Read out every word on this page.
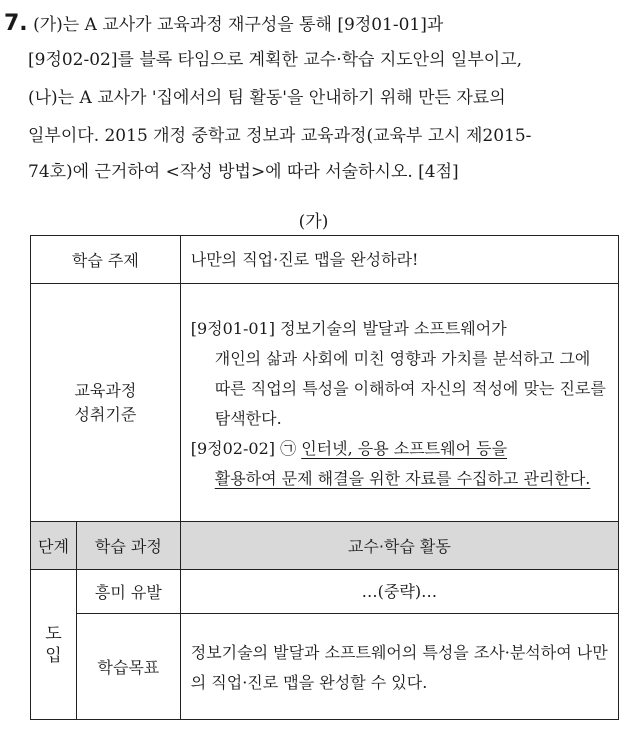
7. (가)는 A 교사가 교육과정 재구성을 통해 [9정01-01]과
[9정02-02]를 블록 타임으로 계획한 교수·학습 지도안의 일부이고,
(나)는 A 교사가 '집에서의 팀 활동'을 안내하기 위해 만든 자료의
일부이다. 2015 개정 중학교 정보과 교육과정(교육부 고시 제2015-
74호)에 근거하여 <작성 방법>에 따라 서술하시오. [4점]
(가)
학습 주제		나만의 직업·진로 맵을 완성하라!
교육과정
성취기준		[9정01-01] 정보기술의 발달과 소프트웨어가
개인의 삶과 사회에 미친 영향과 가치를 분석하고 그에 따른 직업의 특성을 이해하여 자신의 적성에 맞는 진로를 탐색한다.
[9정02-02] ㉠ 인터넷, 응용 소프트웨어 등을
활용하여 문제 해결을 위한 자료를 수집하고 관리한다.

단계	학습 과정	교수·학습 활동
도
입	흥미 유발	…(중략)…
	학습목표	정보기술의 발달과 소프트웨어의 특성을 조사·분석하여 나만의 직업·진로 맵을 완성할 수 있다.
